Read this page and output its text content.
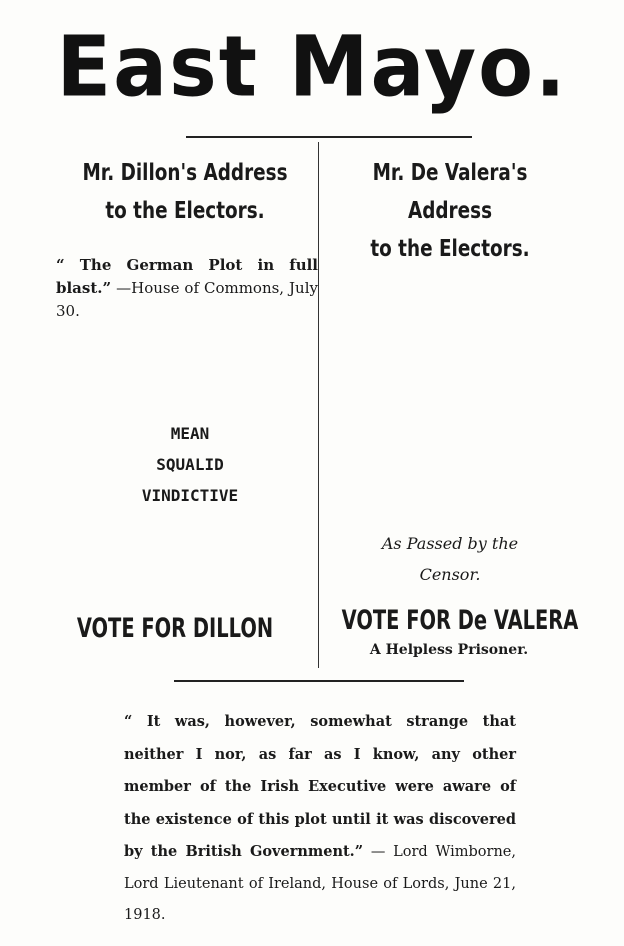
East Mayo.
Mr. Dillon's Address
to the Electors.
Mr. De Valera's Address
to the Electors.
“ The German Plot in full blast.” —House of Commons, July 30.
MEAN
SQUALID
VINDICTIVE
As Passed by the
Censor.
VOTE FOR DILLON	VOTE FOR De VALERA
A Helpless Prisoner.
“ It was, however, somewhat strange that neither I nor, as far as I know, any other member of the Irish Executive were aware of the existence of this plot until it was discovered by the British Government.” — Lord Wimborne, Lord Lieutenant of Ireland, House of Lords, June 21, 1918.
